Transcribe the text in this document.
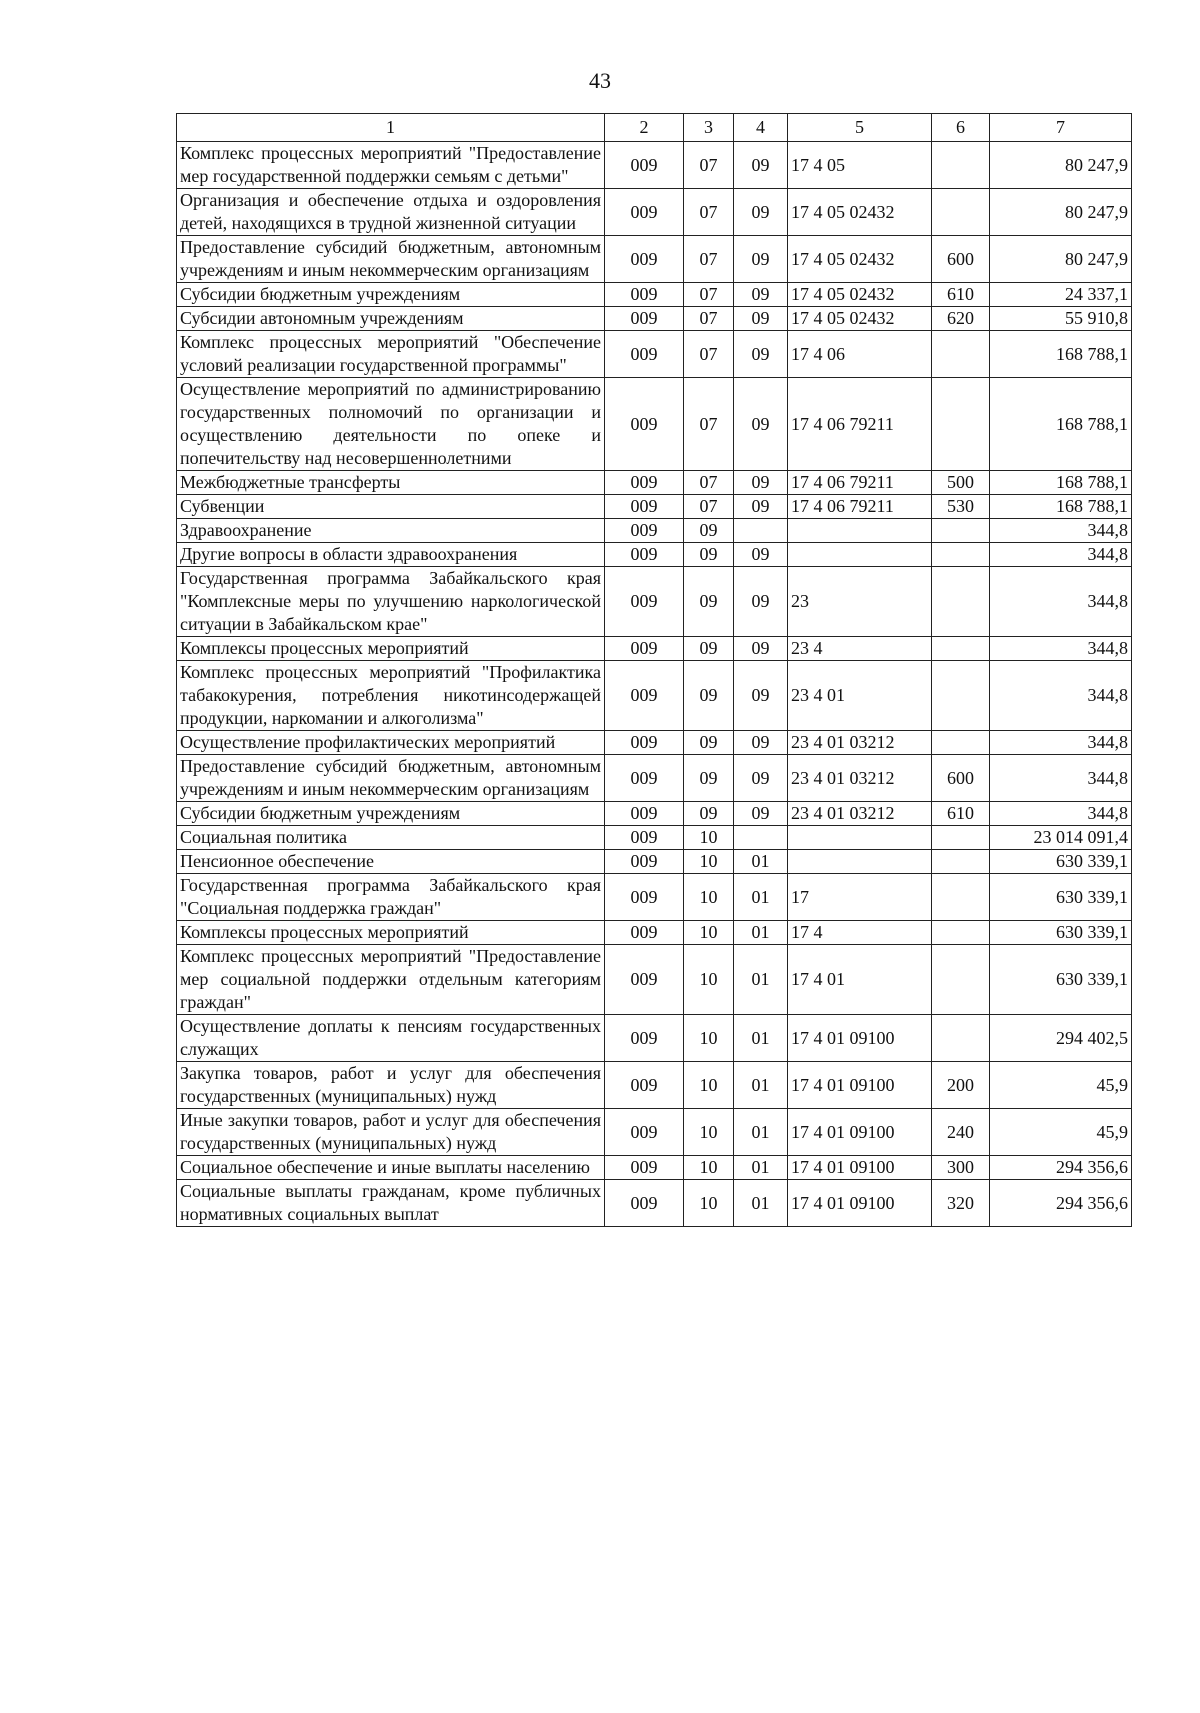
43
1	2	3	4	5	6	7
Комплекс процессных мероприятий "Предоставление мер государственной поддержки семьям с детьми"	009	07	09	17 4 05		80 247,9
Организация и обеспечение отдыха и оздоровления детей, находящихся в трудной жизненной ситуации	009	07	09	17 4 05 02432		80 247,9
Предоставление субсидий бюджетным, автономным учреждениям и иным некоммерческим организациям	009	07	09	17 4 05 02432	600	80 247,9
Субсидии бюджетным учреждениям	009	07	09	17 4 05 02432	610	24 337,1
Субсидии автономным учреждениям	009	07	09	17 4 05 02432	620	55 910,8
Комплекс процессных мероприятий "Обеспечение условий реализации государственной программы"	009	07	09	17 4 06		168 788,1
Осуществление мероприятий по администрированию государственных полномочий по организации и осуществлению деятельности по опеке и попечительству над несовершеннолетними	009	07	09	17 4 06 79211		168 788,1
Межбюджетные трансферты	009	07	09	17 4 06 79211	500	168 788,1
Субвенции	009	07	09	17 4 06 79211	530	168 788,1
Здравоохранение	009	09				344,8
Другие вопросы в области здравоохранения	009	09	09			344,8
Государственная программа Забайкальского края "Комплексные меры по улучшению наркологической ситуации в Забайкальском крае"	009	09	09	23		344,8
Комплексы процессных мероприятий	009	09	09	23 4		344,8
Комплекс процессных мероприятий "Профилактика табакокурения, потребления никотинсодержащей продукции, наркомании и алкоголизма"	009	09	09	23 4 01		344,8
Осуществление профилактических мероприятий	009	09	09	23 4 01 03212		344,8
Предоставление субсидий бюджетным, автономным учреждениям и иным некоммерческим организациям	009	09	09	23 4 01 03212	600	344,8
Субсидии бюджетным учреждениям	009	09	09	23 4 01 03212	610	344,8
Социальная политика	009	10				23 014 091,4
Пенсионное обеспечение	009	10	01			630 339,1
Государственная программа Забайкальского края "Социальная поддержка граждан"	009	10	01	17		630 339,1
Комплексы процессных мероприятий	009	10	01	17 4		630 339,1
Комплекс процессных мероприятий "Предоставление мер социальной поддержки отдельным категориям граждан"	009	10	01	17 4 01		630 339,1
Осуществление доплаты к пенсиям государственных служащих	009	10	01	17 4 01 09100		294 402,5
Закупка товаров, работ и услуг для обеспечения государственных (муниципальных) нужд	009	10	01	17 4 01 09100	200	45,9
Иные закупки товаров, работ и услуг для обеспечения государственных (муниципальных) нужд	009	10	01	17 4 01 09100	240	45,9
Социальное обеспечение и иные выплаты населению	009	10	01	17 4 01 09100	300	294 356,6
Социальные выплаты гражданам, кроме публичных нормативных социальных выплат	009	10	01	17 4 01 09100	320	294 356,6
